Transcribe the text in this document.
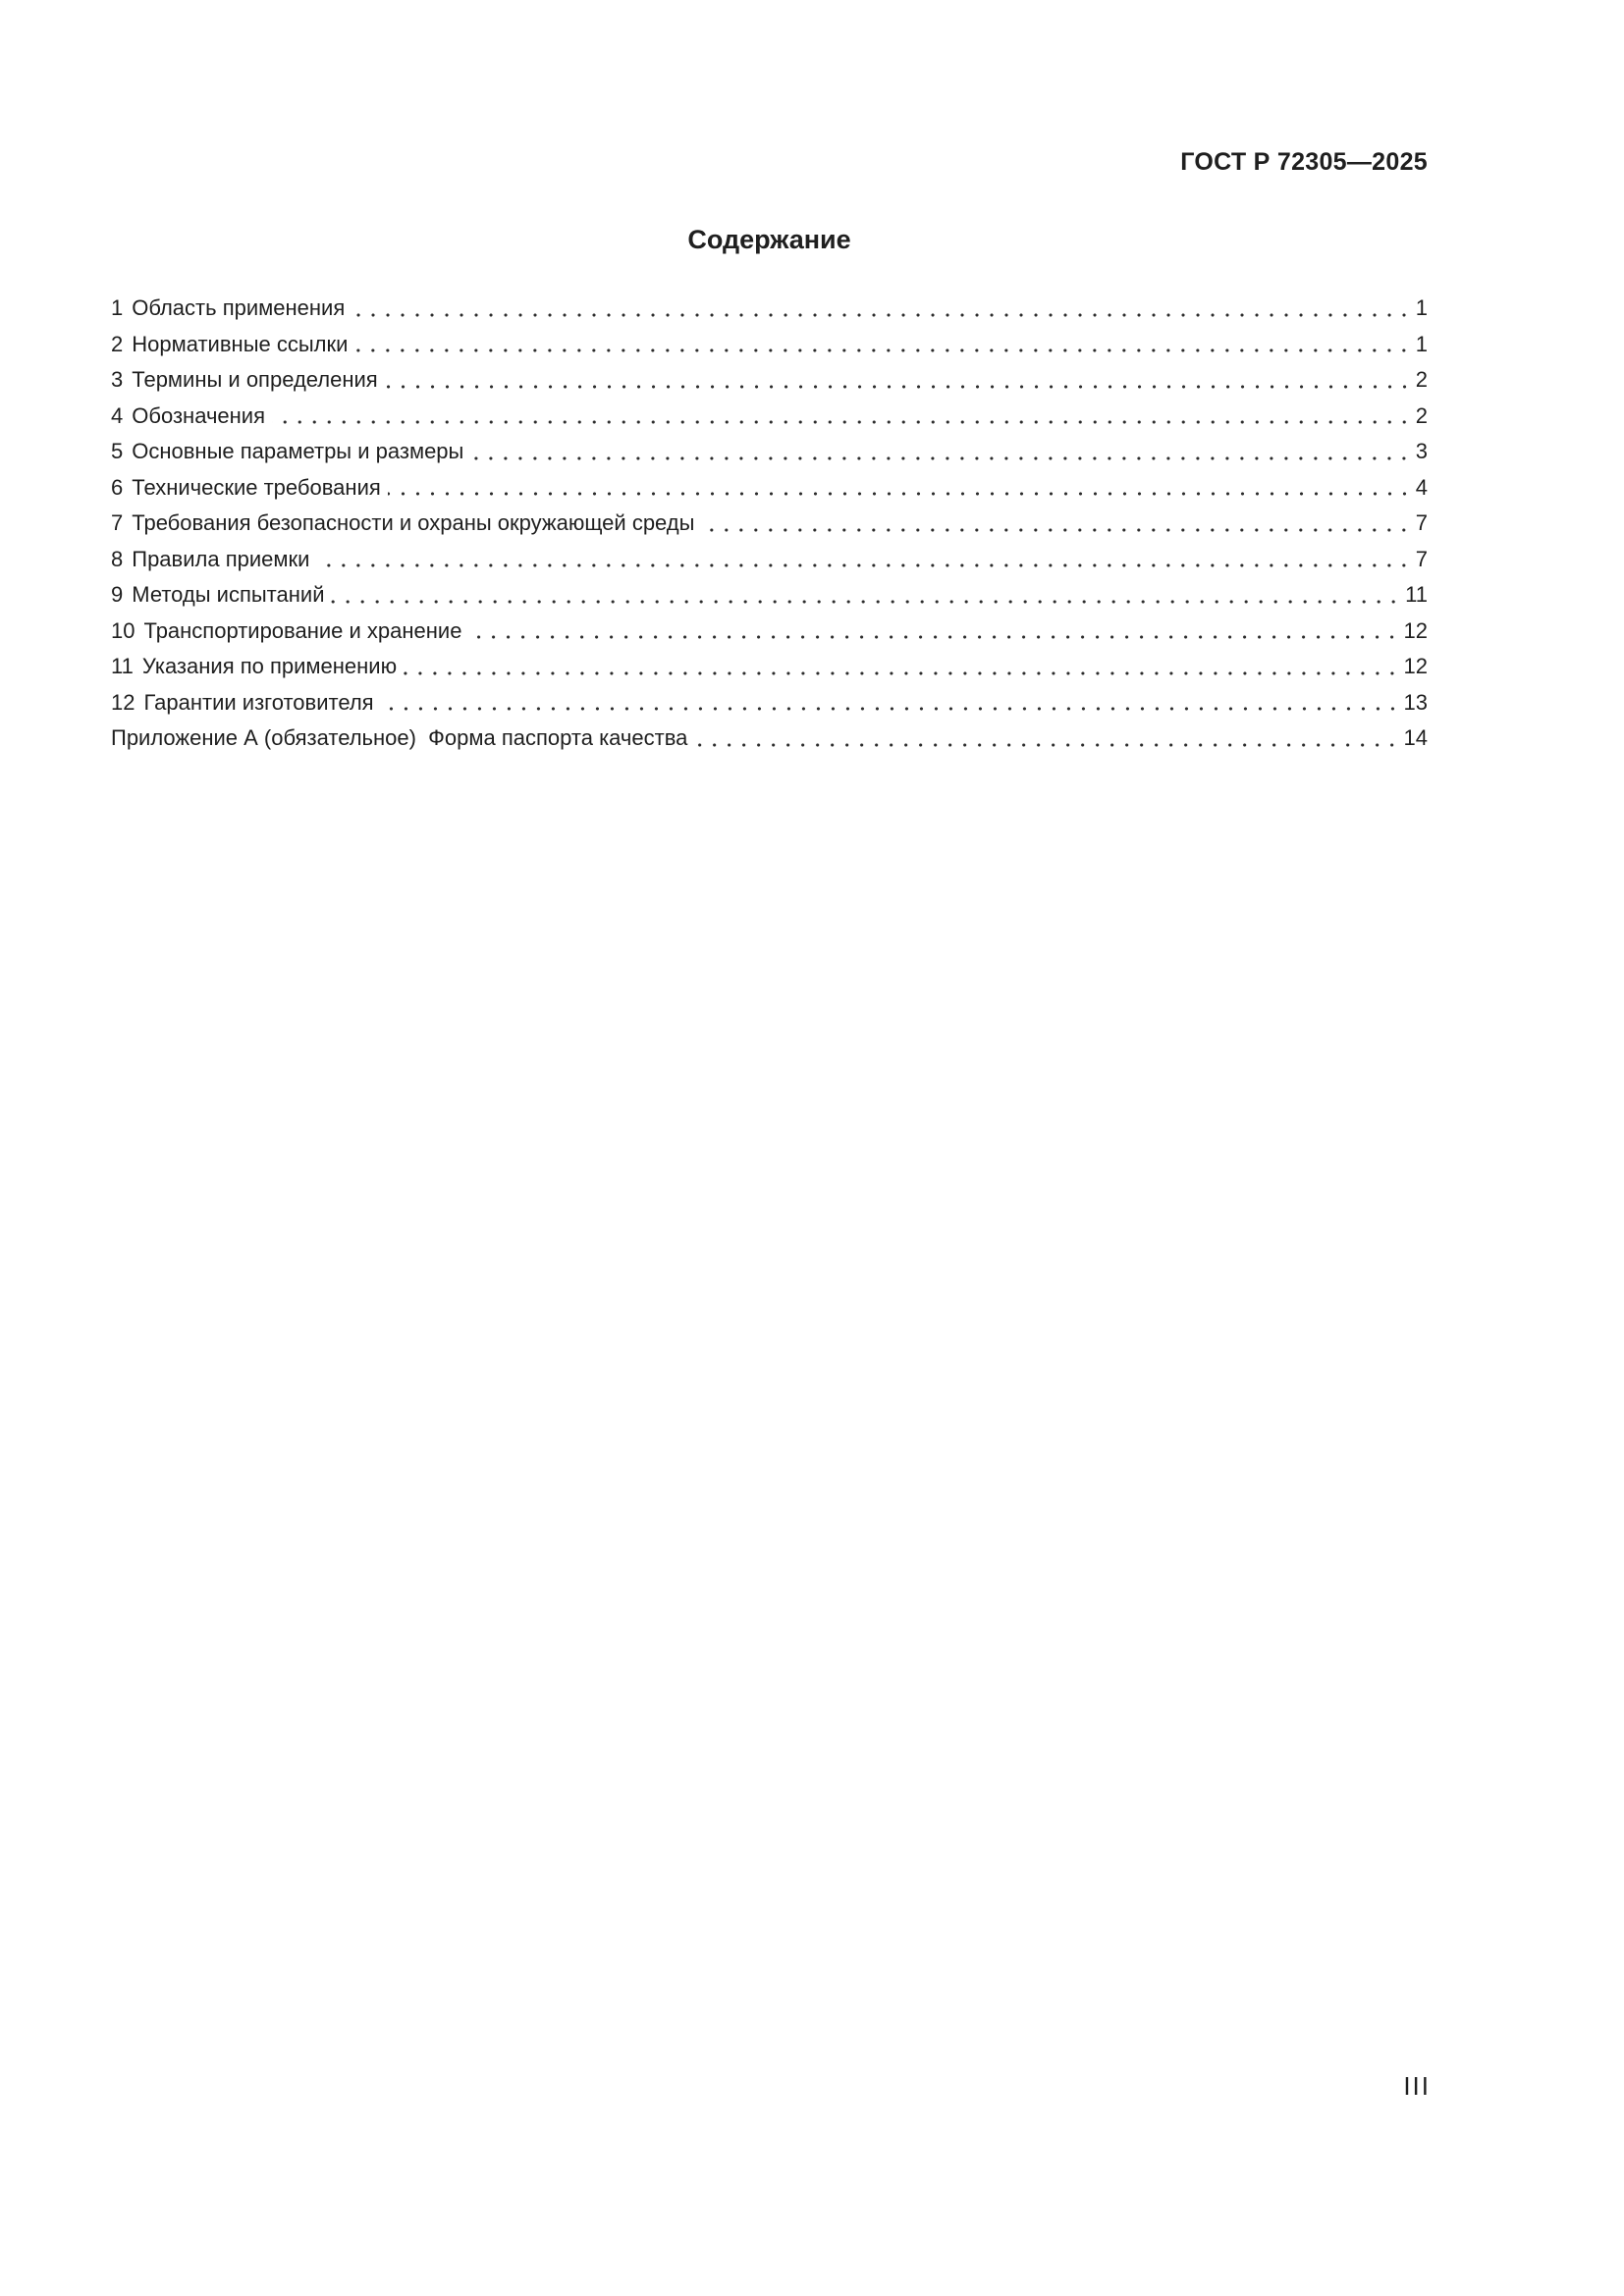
ГОСТ Р 72305—2025
Содержание
1 Область применения	1
2 Нормативные ссылки	1
3 Термины и определения	2
4 Обозначения	2
5 Основные параметры и размеры	3
6 Технические требования	4
7 Требования безопасности и охраны окружающей среды	7
8 Правила приемки	7
9 Методы испытаний	11
10 Транспортирование и хранение	12
11 Указания по применению	12
12 Гарантии изготовителя	13
Приложение А (обязательное)  Форма паспорта качества	14
III
